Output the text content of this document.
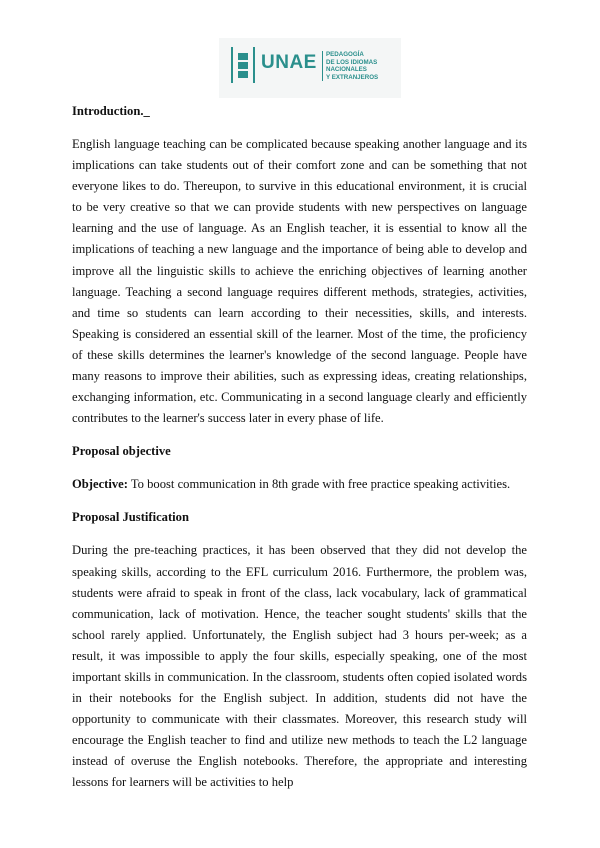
UNAE PEDAGOGÍA
DE LOS IDIOMAS
NACIONALES
Y EXTRANJEROS
Introduction._

English language teaching can be complicated because speaking another language and its implications can take students out of their comfort zone and can be something that not everyone likes to do. Thereupon, to survive in this educational environment, it is crucial to be very creative so that we can provide students with new perspectives on language learning and the use of language. As an English teacher, it is essential to know all the implications of teaching a new language and the importance of being able to develop and improve all the linguistic skills to achieve the enriching objectives of learning another language. Teaching a second language requires different methods, strategies, activities, and time so students can learn according to their necessities, skills, and interests. Speaking is considered an essential skill of the learner. Most of the time, the proficiency of these skills determines the learner's knowledge of the second language. People have many reasons to improve their abilities, such as expressing ideas, creating relationships, exchanging information, etc. Communicating in a second language clearly and efficiently contributes to the learner's success later in every phase of life.

Proposal objective

Objective: To boost communication in 8th grade with free practice speaking activities.

Proposal Justification

During the pre-teaching practices, it has been observed that they did not develop the speaking skills, according to the EFL curriculum 2016. Furthermore, the problem was, students were afraid to speak in front of the class, lack vocabulary, lack of grammatical communication, lack of motivation. Hence, the teacher sought students' skills that the school rarely applied. Unfortunately, the English subject had 3 hours per-week; as a result, it was impossible to apply the four skills, especially speaking, one of the most important skills in communication. In the classroom, students often copied isolated words in their notebooks for the English subject. In addition, students did not have the opportunity to communicate with their classmates. Moreover, this research study will encourage the English teacher to find and utilize new methods to teach the L2 language instead of overuse the English notebooks. Therefore, the appropriate and interesting lessons for learners will be activities to help
